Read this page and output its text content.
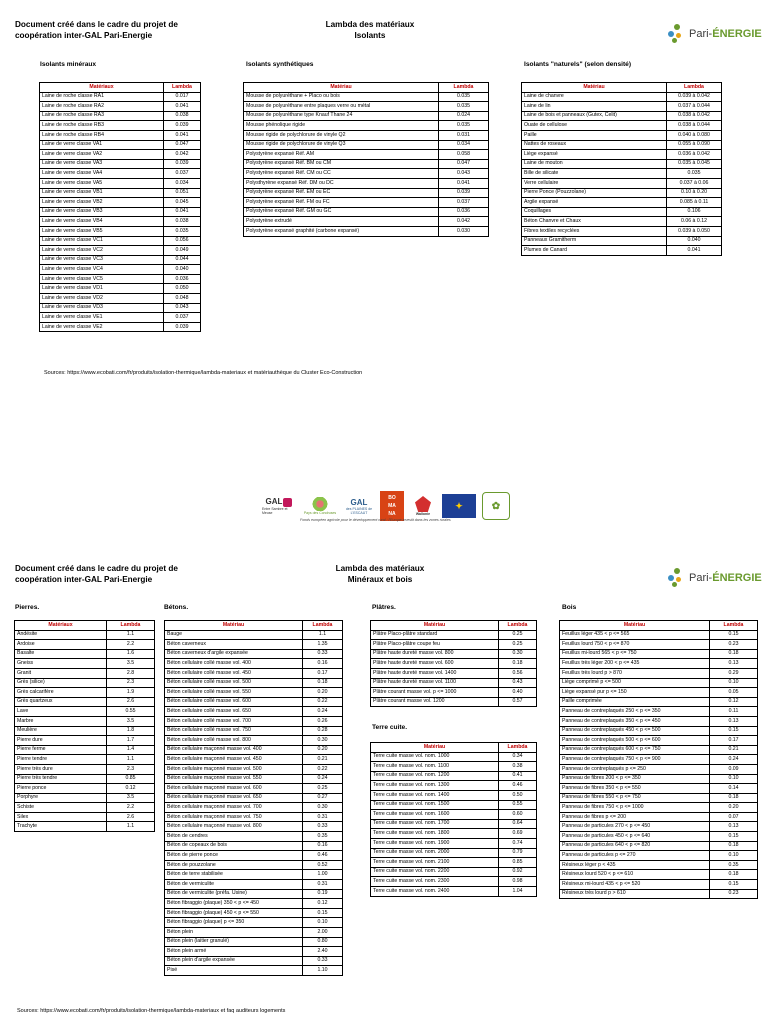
Document créé dans le cadre du projet de
coopération inter-GAL Pari-Energie
Lambda des matériaux
Isolants	Pari-ÉNERGIE
Isolants minéraux
Matériaux	Lambda
Laine de roche classe RA1	0.017
Laine de roche classe RA2	0.041
Laine de roche classe RA3	0.038
Laine de roche classe RB3	0.039
Laine de roche classe RB4	0.041
Laine de verre classe VA1	0.047
Laine de verre classe VA2	0.042
Laine de verre classe VA3	0.039
Laine de verre classe VA4	0.037
Laine de verre classe VA5	0.034
Laine de verre classe VB1	0.051
Laine de verre classe VB2	0.045
Laine de verre classe VB3	0.041
Laine de verre classe VB4	0.038
Laine de verre classe VB5	0.035
Laine de verre classe VC1	0.056
Laine de verre classe VC2	0.049
Laine de verre classe VC3	0.044
Laine de verre classe VC4	0.040
Laine de verre classe VC5	0.036
Laine de verre classe VD1	0.050
Laine de verre classe VD2	0.048
Laine de verre classe VD3	0.043
Laine de verre classe VE1	0.037
Laine de verre classe VE2	0.039
Isolants synthétiques
Matériau	Lambda
Mousse de polyuréthane + Placo ou bois	0.035
Mousse de polyuréthane entre plaques verre ou métal	0.035
Mousse de polyuréthane type Knauf Thane 24	0.024
Mousse phénolique rigide	0.035
Mousse rigide de polychlorure de vinyle Q2	0.031
Mousse rigide de polychlorure de vinyle Q3	0.034
Polystyrène expansé Réf. AM	0.058
Polystyrène expansé Réf. BM ou CM	0.047
Polystyrène expansé Réf. CM ou CC	0.043
Polysthyrène expansé Réf. DM ou DC	0.041
Polystyrène expansé Réf. EM ou EC	0.039
Polystyrène expansé Réf. FM ou FC	0.037
Polystyrène expansé Réf. GM ou GC	0.036
Polystyrène extrudé	0.042
Polystyrène expansé graphité (carbone expansé)	0.030
Isolants "naturels" (selon densité)
Matériau	Lambda
Laine de chanvre	0.039 à 0.042
Laine de lin	0.037 à 0.044
Laine de bois et panneaux (Gutex, Celit)	0.038 à 0.042
Ouate de cellulose	0.038 à 0.044
Paille	0.040 à 0.080
Nattes de roseaux	0.055 à 0.090
Liège expansé	0.036 à 0.042
Laine de mouton	0.035 à 0.045
Bille de silicate	0.035
Verre cellulaire	0.037 à 0.06
Pierre Ponce (Pouzzolane)	0.10 à 0.20
Argile expansé	0.085 à 0.11
Coquillages	0.106
Béton Chanvre et Chaux	0.06 à 0.12
Fibres textiles recyclées	0.039 à 0.050
Panneaux Gramitherm	0.040
Plumes de Canard	0.041
Sources: https://www.ecobati.com/fr/produits/isolation-thermique/lambda-materiaux et matériauthèque du Cluster Eco-Construction
GAL
Entre Sambre et Meuse	Pays des Condruses
GAL
des PLAINES de L'ESCAUT
BO
MA
NA	Wallonie
✦	✿
Fonds européen agricole pour le développement rural : l'Europe investit dans les zones rurales
Document créé dans le cadre du projet de
coopération inter-GAL Pari-Energie
Lambda des matériaux
Minéraux et bois	Pari-ÉNERGIE
Pierres.
Matériaux	Lambda
Andésite	1.1
Ardoise	2.2
Basalte	1.6
Gneiss	3.5
Granit	2.8
Grès (silice)	2.3
Grès calcarifère	1.9
Grès quartzeux	2.6
Lave	0.55
Marbre	3.5
Meulière	1.8
Pierre dure	1.7
Pierre ferme	1.4
Pierre tendre	1.1
Pierre très dure	2.3
Pierre très tendre	0.85
Pierre ponce	0.12
Porphyre	3.5
Schiste	2.2
Silex	2.6
Trachyte	1.1
Bétons.
Matériau	Lambda
Bauge	1.1
Béton caverneux	1.35
Béton caverneux d'argile expansée	0.33
Béton cellulaire collé masse vol. 400	0.16
Béton cellulaire collé masse vol. 450	0.17
Béton cellulaire collé masse vol. 500	0.18
Béton cellulaire collé masse vol. 550	0.20
Béton cellulaire collé masse vol. 600	0.22
Béton cellulaire collé masse vol. 650	0.24
Béton cellulaire collé masse vol. 700	0.26
Béton cellulaire collé masse vol. 750	0.28
Béton cellulaire collé masse vol. 800	0.30
Béton cellulaire maçonné masse vol. 400	0.20
Béton cellulaire maçonné masse vol. 450	0.21
Béton cellulaire maçonné masse vol. 500	0.22
Béton cellulaire maçonné masse vol. 550	0.24
Béton cellulaire maçonné masse vol. 600	0.25
Béton cellulaire maçonné masse vol. 650	0.27
Béton cellulaire maçonné masse vol. 700	0.30
Béton cellulaire maçonné masse vol. 750	0.31
Béton cellulaire maçonné masse vol. 800	0.33
Béton de cendres	0.35
Béton de copeaux de bois	0.16
Béton de pierre ponce	0.46
Béton de pouzzolane	0.52
Béton de terre stabilisée	1.00
Béton de vermiculite	0.31
Béton de vermiculite (préfa. Usine)	0.19
Béton fibraggio (plaque) 350 < p <= 450	0.12
Béton fibraggio (plaque) 450 < p <= 550	0.15
Béton fibraggio (plaque) p <= 350	0.10
Béton plein	2.00
Béton plein (laitier granulé)	0.80
Béton plein armé	2.40
Béton plein d'argile expansée	0.33
Pisé	1.10
Plâtres.
Matériau	Lambda
Plâtre Placo-plâtre standard	0.25
Plâtre Placo-plâtre coupe feu	0.25
Plâtre haute dureté masse vol. 800	0.30
Plâtre haute dureté masse vol. 600	0.18
Plâtre haute dureté masse vol. 1400	0.56
Plâtre haute dureté masse vol. 1100	0.43
Plâtre courant masse vol. p <= 1000	0.40
Plâtre courant masse vol. 1200	0.57
Terre cuite.
Matériau	Lambda
Terre cuite masse vol. nom. 1000	0.34
Terre cuite masse vol. nom. 1100	0.38
Terre cuite masse vol. nom. 1200	0.41
Terre cuite masse vol. nom. 1300	0.46
Terre cuite masse vol. nom. 1400	0.50
Terre cuite masse vol. nom. 1500	0.55
Terre cuite masse vol. nom. 1600	0.60
Terre cuite masse vol. nom. 1700	0.64
Terre cuite masse vol. nom. 1800	0.69
Terre cuite masse vol. nom. 1900	0.74
Terre cuite masse vol. nom. 2000	0.79
Terre cuite masse vol. nom. 2100	0.85
Terre cuite masse vol. nom. 2200	0.92
Terre cuite masse vol. nom. 2300	0.98
Terre cuite masse vol. nom. 2400	1.04
Bois
Matériau	Lambda
Feuillus léger 435 < p <= 565	0.15
Feuillus lourd 750 < p <= 870	0.23
Feuillus mi-lourd 565 < p <= 750	0.18
Feuillus très léger 200 < p <= 435	0.13
Feuillus très lourd p > 870	0.29
Liège comprimé p <= 500	0.10
Liège expansé pur p <= 150	0.05
Paille comprimée	0.12
Panneau de contreplaqués 250 < p <= 350	0.11
Panneau de contreplaqués 350 < p <= 450	0.13
Panneau de contreplaqués 450 < p <= 500	0.15
Panneau de contreplaqués 500 < p <= 600	0.17
Panneau de contreplaqués 600 < p <= 750	0.21
Panneau de contreplaqués 750 < p <= 900	0.24
Panneau de contreplaqués p <= 250	0.09
Panneau de fibres 200 < p <= 350	0.10
Panneau de fibres 350 < p <= 550	0.14
Panneau de fibres 550 < p <= 750	0.18
Panneau de fibres 750 < p <= 1000	0.20
Panneau de fibres p <= 200	0.07
Panneau de particules 270 < p <= 450	0.13
Panneau de particules 450 < p <= 640	0.15
Panneau de particules 640 < p <= 820	0.18
Panneau de particules p <= 270	0.10
Résineux léger p < 435	0.35
Résineux lourd 520 < p <= 610	0.18
Résineux mi-lourd 435 < p <= 520	0.15
Résineux très lourd p > 610	0.23
Sources: https://www.ecobati.com/fr/produits/isolation-thermique/lambda-materiaux et faq auditeurs logements
